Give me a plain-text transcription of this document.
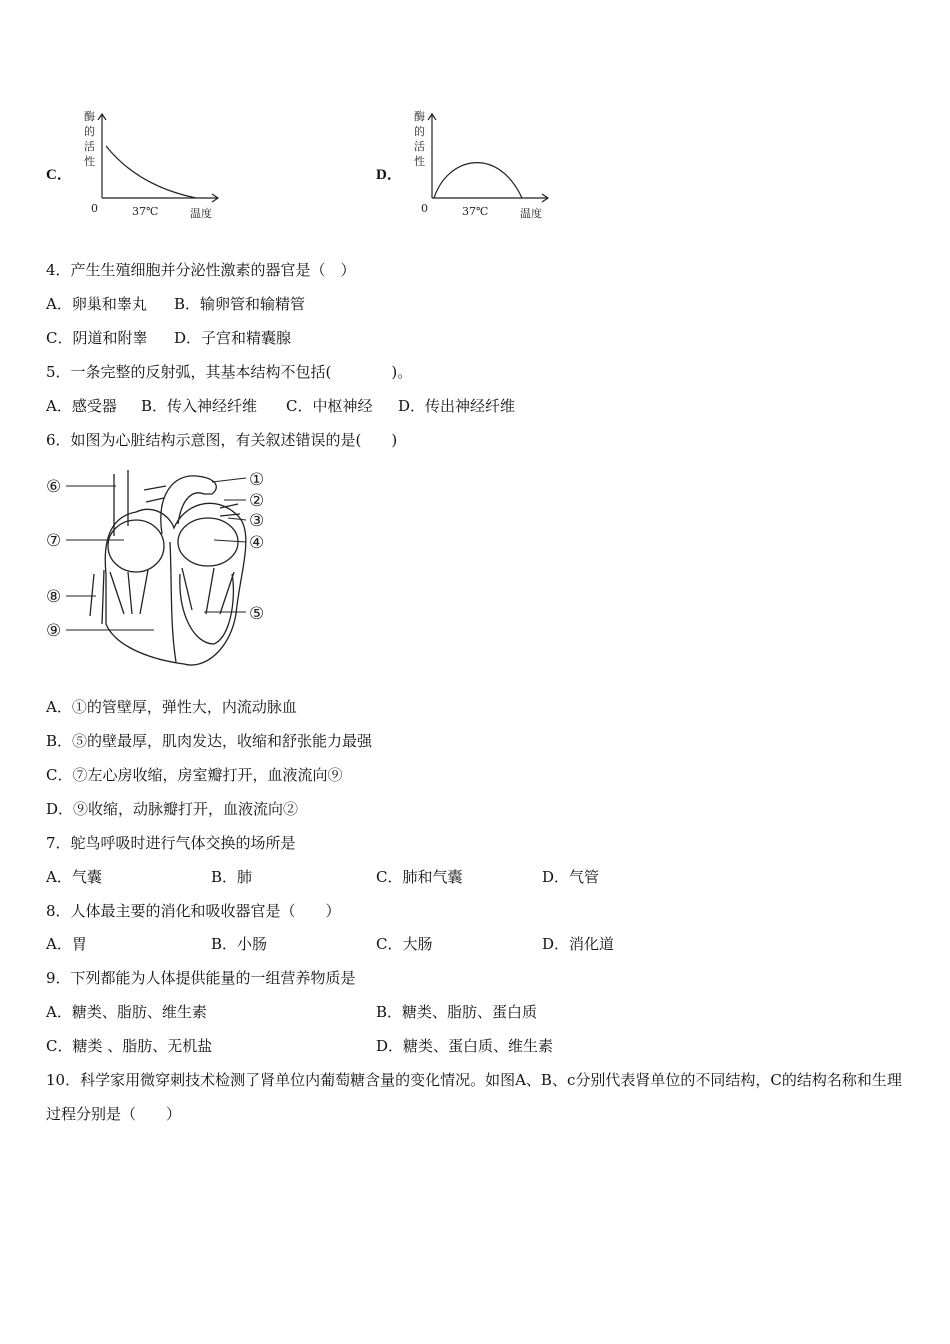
C．
酶
的
活
性
0	37℃	温度
D．
酶
的
活
性
0	37℃	温度
4．产生生殖细胞并分泌性激素的器官是（　）
A．卵巢和睾丸 B．输卵管和输精管
C．阴道和附睾 D．子宫和精囊腺
5．一条完整的反射弧，其基本结构不包括(　　　　)。
A．感受器 B．传入神经纤维 C．中枢神经 D．传出神经纤维
6．如图为心脏结构示意图，有关叙述错误的是(　　)
①
②
③
④
⑤
⑥
⑦
⑧
⑨
A．①的管壁厚，弹性大，内流动脉血
B．⑤的壁最厚，肌肉发达，收缩和舒张能力最强
C．⑦左心房收缩，房室瓣打开，血液流向⑨
D．⑨收缩，动脉瓣打开，血液流向②
7．鸵鸟呼吸时进行气体交换的场所是
A．气囊	B．肺	C．肺和气囊	D．气管
8．人体最主要的消化和吸收器官是（　　）
A．胃	B．小肠	C．大肠	D．消化道
9．下列都能为人体提供能量的一组营养物质是
A．糖类、脂肪、维生素	B．糖类、脂肪、蛋白质
C．糖类 、脂肪、无机盐	D．糖类、蛋白质、维生素
10．科学家用微穿刺技术检测了肾单位内葡萄糖含量的变化情况。如图A、B、c分别代表肾单位的不同结构，C的结构名称和生理过程分别是（　　）
